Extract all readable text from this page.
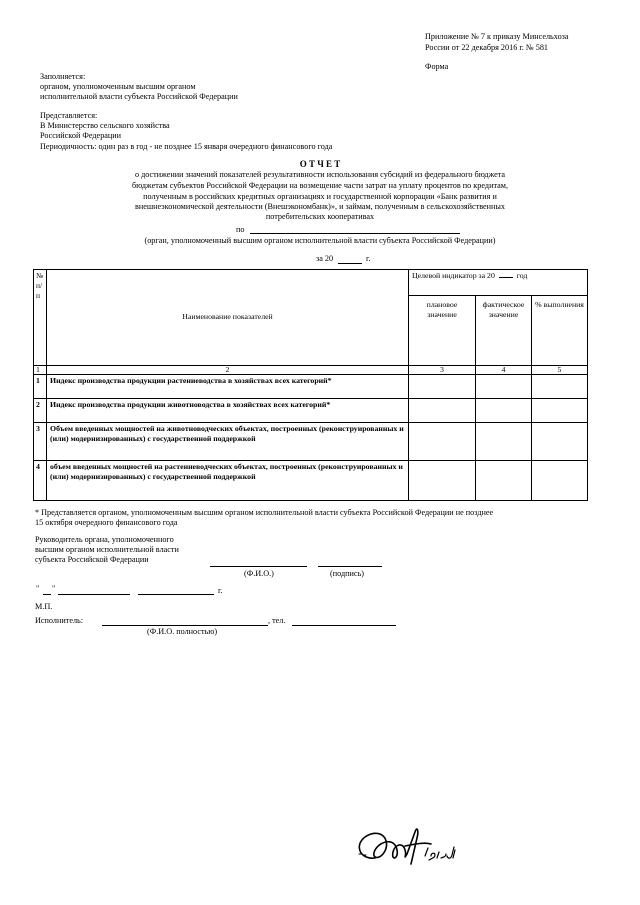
Приложение № 7 к приказу Минсельхоза
России от 22 декабря 2016 г. № 581
Форма
Заполняется:
органом, уполномоченным высшим органом
исполнительной власти субъекта Российской Федерации
Представляется:
В Министерство сельского хозяйства
Российской Федерации
Периодичность: один раз в год - не позднее 15 января очередного финансового года
О Т Ч Е Т
о достижении значений показателей результативности использования субсидий из федерального бюджета
бюджетам субъектов Российской Федерации на возмещение части затрат на уплату процентов по кредитам,
полученным в российских кредитных организациях и государственной корпорации «Банк развития и
внешнеэкономической деятельности (Внешэкономбанк)», и займам, полученным в сельскохозяйственных
потребительских кооперативах
по
(орган, уполномоченный высшим органом исполнительной власти субъекта Российской Федерации)
за 20	г.
№ п/ п	Наименование показателей	Целевой индикатор за 20 год		
		плановое значение	фактическое значение	% выполнения
1	2	3	4	5
1	Индекс производства продукции растениеводства в хозяйствах всех категорий*			
2	Индекс производства продукции животноводства в хозяйствах всех категорий*			
3	Объем введенных мощностей на животноводческих объектах, построенных (реконструированных и (или) модернизированных) с государственной поддержкой			
4	объем введенных мощностей на растениеводческих объектах, построенных (реконструированных и (или) модернизированных) с государственной поддержкой			
* Представляется органом, уполномоченным высшим органом исполнительной власти субъекта Российской Федерации не позднее
15 октября очередного финансового года
Руководитель органа, уполномоченного
высшим органом исполнительной власти
субъекта Российской Федерации
(Ф.И.О.)	(подпись)
" "	г.
М.П.
Исполнитель:	, тел.
(Ф.И.О. полностью)
